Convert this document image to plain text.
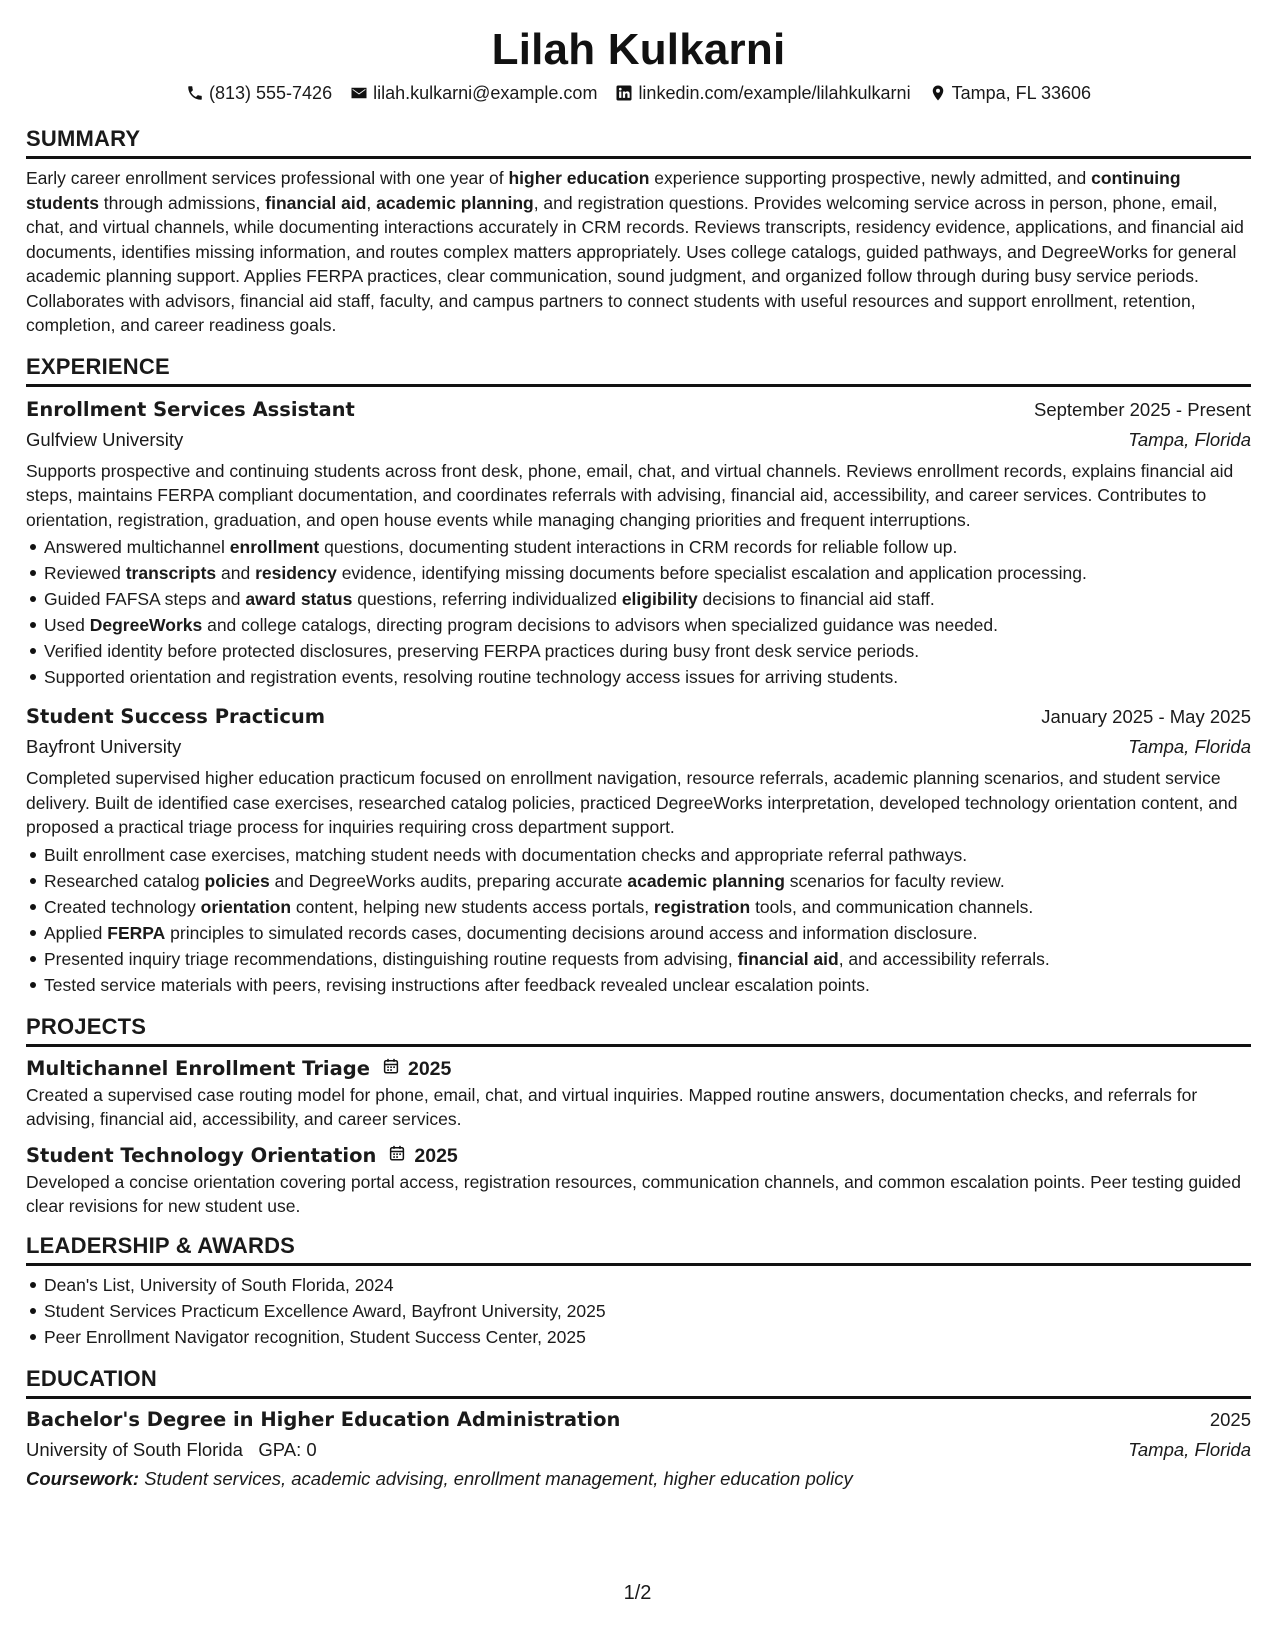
Lilah Kulkarni
(813) 555-7426 lilah.kulkarni@example.com linkedin.com/example/lilahkulkarni Tampa, FL 33606
SUMMARY
Early career enrollment services professional with one year of higher education experience supporting prospective, newly admitted, and continuing students through admissions, financial aid, academic planning, and registration questions. Provides welcoming service across in person, phone, email, chat, and virtual channels, while documenting interactions accurately in CRM records. Reviews transcripts, residency evidence, applications, and financial aid documents, identifies missing information, and routes complex matters appropriately. Uses college catalogs, guided pathways, and DegreeWorks for general academic planning support. Applies FERPA practices, clear communication, sound judgment, and organized follow through during busy service periods. Collaborates with advisors, financial aid staff, faculty, and campus partners to connect students with useful resources and support enrollment, retention, completion, and career readiness goals.
EXPERIENCE
Enrollment Services Assistant	September 2025 - Present
Gulfview University	Tampa, Florida
Supports prospective and continuing students across front desk, phone, email, chat, and virtual channels. Reviews enrollment records, explains financial aid steps, maintains FERPA compliant documentation, and coordinates referrals with advising, financial aid, accessibility, and career services. Contributes to orientation, registration, graduation, and open house events while managing changing priorities and frequent interruptions.
Answered multichannel enrollment questions, documenting student interactions in CRM records for reliable follow up.
Reviewed transcripts and residency evidence, identifying missing documents before specialist escalation and application processing.
Guided FAFSA steps and award status questions, referring individualized eligibility decisions to financial aid staff.
Used DegreeWorks and college catalogs, directing program decisions to advisors when specialized guidance was needed.
Verified identity before protected disclosures, preserving FERPA practices during busy front desk service periods.
Supported orientation and registration events, resolving routine technology access issues for arriving students.
Student Success Practicum	January 2025 - May 2025
Bayfront University	Tampa, Florida
Completed supervised higher education practicum focused on enrollment navigation, resource referrals, academic planning scenarios, and student service delivery. Built de identified case exercises, researched catalog policies, practiced DegreeWorks interpretation, developed technology orientation content, and proposed a practical triage process for inquiries requiring cross department support.
Built enrollment case exercises, matching student needs with documentation checks and appropriate referral pathways.
Researched catalog policies and DegreeWorks audits, preparing accurate academic planning scenarios for faculty review.
Created technology orientation content, helping new students access portals, registration tools, and communication channels.
Applied FERPA principles to simulated records cases, documenting decisions around access and information disclosure.
Presented inquiry triage recommendations, distinguishing routine requests from advising, financial aid, and accessibility referrals.
Tested service materials with peers, revising instructions after feedback revealed unclear escalation points.
PROJECTS
Multichannel Enrollment Triage 2025
Created a supervised case routing model for phone, email, chat, and virtual inquiries. Mapped routine answers, documentation checks, and referrals for advising, financial aid, accessibility, and career services.
Student Technology Orientation 2025
Developed a concise orientation covering portal access, registration resources, communication channels, and common escalation points. Peer testing guided clear revisions for new student use.
LEADERSHIP & AWARDS
Dean's List, University of South Florida, 2024
Student Services Practicum Excellence Award, Bayfront University, 2025
Peer Enrollment Navigator recognition, Student Success Center, 2025
EDUCATION
Bachelor's Degree in Higher Education Administration	2025
University of South Florida GPA: 0	Tampa, Florida
Coursework: Student services, academic advising, enrollment management, higher education policy
1/2
